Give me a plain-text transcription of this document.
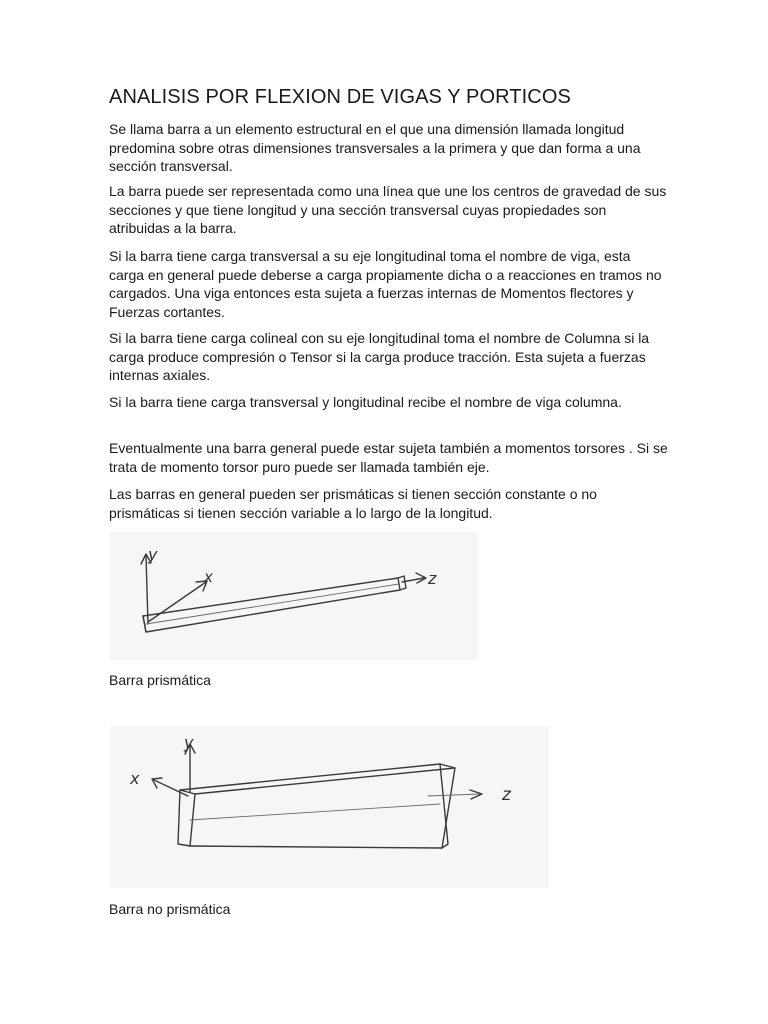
ANALISIS POR FLEXION DE VIGAS Y PORTICOS

Se llama barra a un elemento estructural en el que una dimensión llamada longitud predomina sobre otras dimensiones transversales a la primera y que dan forma a una sección transversal.

La barra puede ser representada como una línea que une los centros de gravedad de sus secciones y que tiene longitud y una sección transversal cuyas propiedades son atribuidas a la barra.

Si la barra tiene carga transversal a su eje longitudinal toma el nombre de viga, esta carga en general puede deberse a carga propiamente dicha o a reacciones en tramos no cargados. Una viga entonces esta sujeta a fuerzas internas de Momentos flectores y Fuerzas cortantes.

Si la barra tiene carga colineal con su eje longitudinal toma el nombre de Columna si la carga produce compresión o Tensor si la carga produce tracción. Esta sujeta a fuerzas internas axiales.

Si la barra tiene carga transversal y longitudinal recibe el nombre de viga columna.

Eventualmente una barra general puede estar sujeta también a momentos torsores . Si se trata de momento torsor puro puede ser llamada también eje.

Las barras en general pueden ser prismáticas si tienen sección constante o no prismáticas si tienen sección variable a lo largo de la longitud.

y
x	z

Barra prismática

y
x
z

Barra no prismática
